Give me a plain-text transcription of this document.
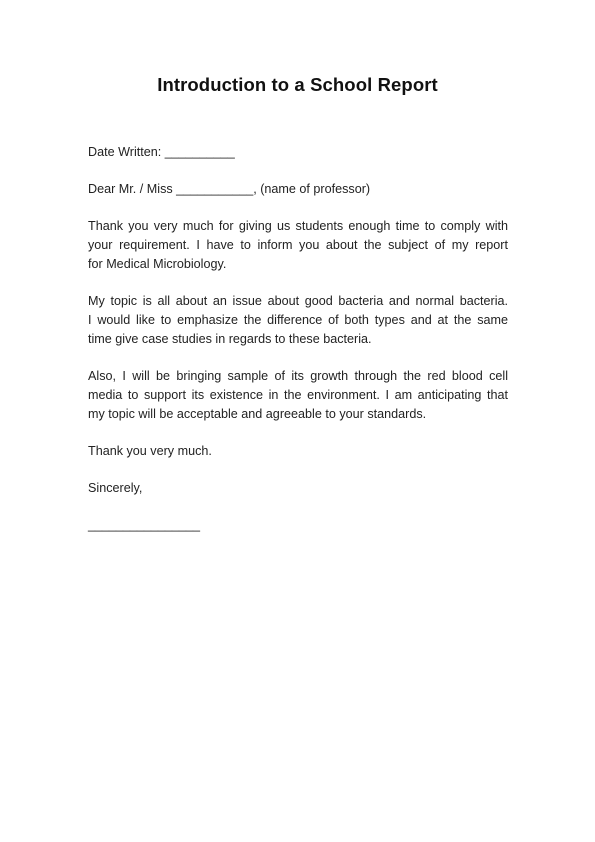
Introduction to a School Report
Date Written: __________
Dear Mr. / Miss ___________, (name of professor)
Thank you very much for giving us students enough time to comply with
your requirement. I have to inform you about the subject of my report
for Medical Microbiology.
My topic is all about an issue about good bacteria and normal bacteria.
I would like to emphasize the difference of both types and at the same
time give case studies in regards to these bacteria.
Also, I will be bringing sample of its growth through the red blood cell
media to support its existence in the environment. I am anticipating that
my topic will be acceptable and agreeable to your standards.
Thank you very much.
Sincerely,
________________
